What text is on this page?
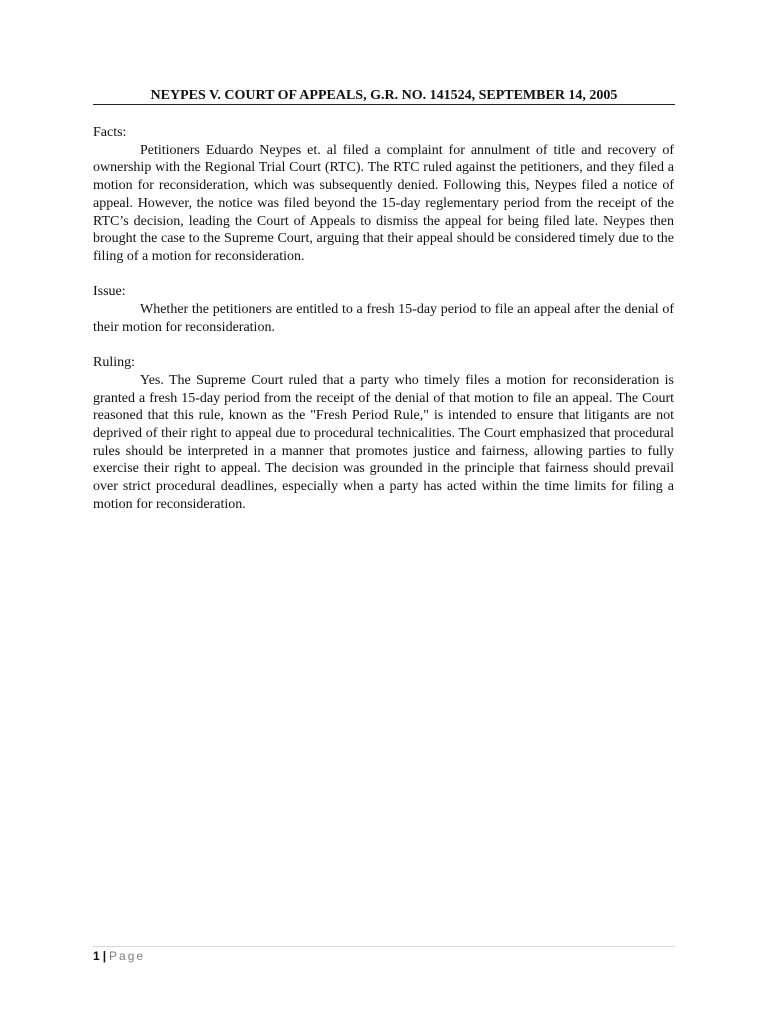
NEYPES V. COURT OF APPEALS, G.R. NO. 141524, SEPTEMBER 14, 2005

Facts:

Petitioners Eduardo Neypes et. al filed a complaint for annulment of title and recovery of ownership with the Regional Trial Court (RTC). The RTC ruled against the petitioners, and they filed a motion for reconsideration, which was subsequently denied. Following this, Neypes filed a notice of appeal. However, the notice was filed beyond the 15-day reglementary period from the receipt of the RTC’s decision, leading the Court of Appeals to dismiss the appeal for being filed late. Neypes then brought the case to the Supreme Court, arguing that their appeal should be considered timely due to the filing of a motion for reconsideration.

Issue:

Whether the petitioners are entitled to a fresh 15-day period to file an appeal after the denial of their motion for reconsideration.

Ruling:

Yes. The Supreme Court ruled that a party who timely files a motion for reconsideration is granted a fresh 15-day period from the receipt of the denial of that motion to file an appeal. The Court reasoned that this rule, known as the "Fresh Period Rule," is intended to ensure that litigants are not deprived of their right to appeal due to procedural technicalities. The Court emphasized that procedural rules should be interpreted in a manner that promotes justice and fairness, allowing parties to fully exercise their right to appeal. The decision was grounded in the principle that fairness should prevail over strict procedural deadlines, especially when a party has acted within the time limits for filing a motion for reconsideration.

1 | Page
